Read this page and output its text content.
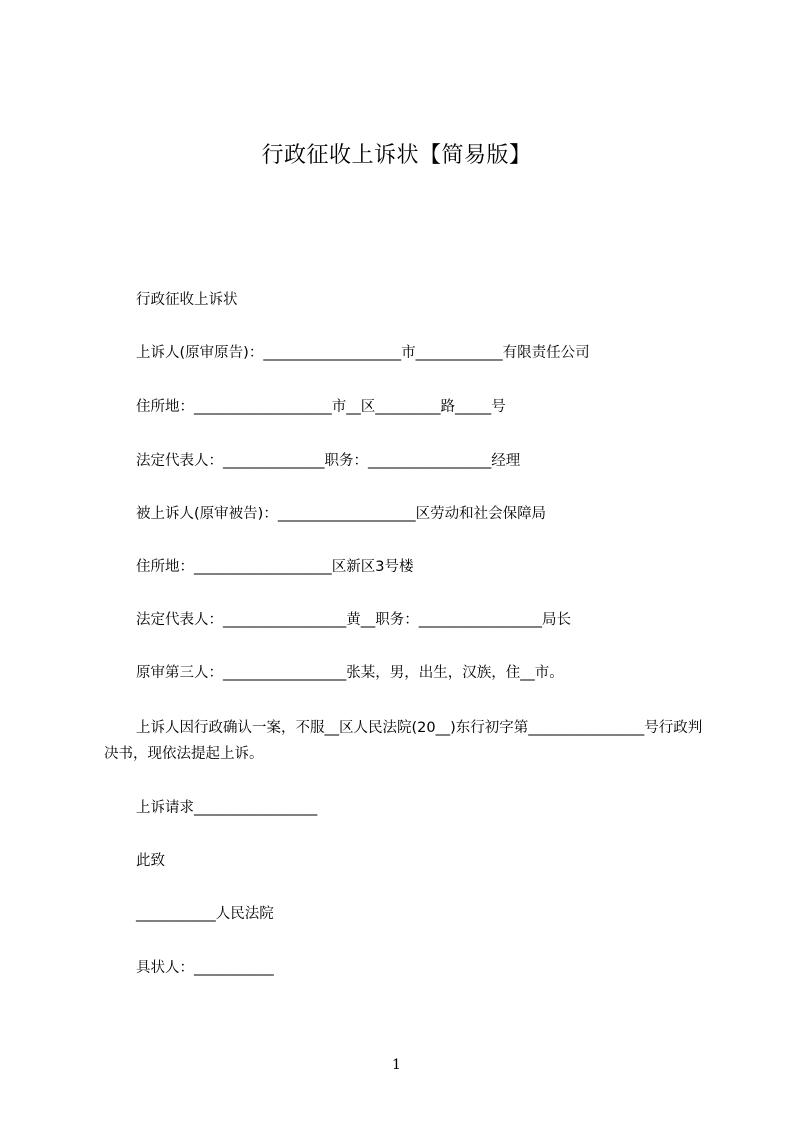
行政征收上诉状【简易版】
行政征收上诉状
上诉人(原审原告)：___________________市____________有限责任公司
住所地：___________________市__区_________路_____号
法定代表人：______________职务：_________________经理
被上诉人(原审被告)：___________________区劳动和社会保障局
住所地：___________________区新区3号楼
法定代表人：_________________黄__职务：_________________局长
原审第三人：_________________张某，男，出生，汉族，住__市。
上诉人因行政确认一案，不服__区人民法院(20__)东行初字第________________号行政判决书，现依法提起上诉。
上诉请求_________________
此致
___________人民法院
具状人：___________
1
